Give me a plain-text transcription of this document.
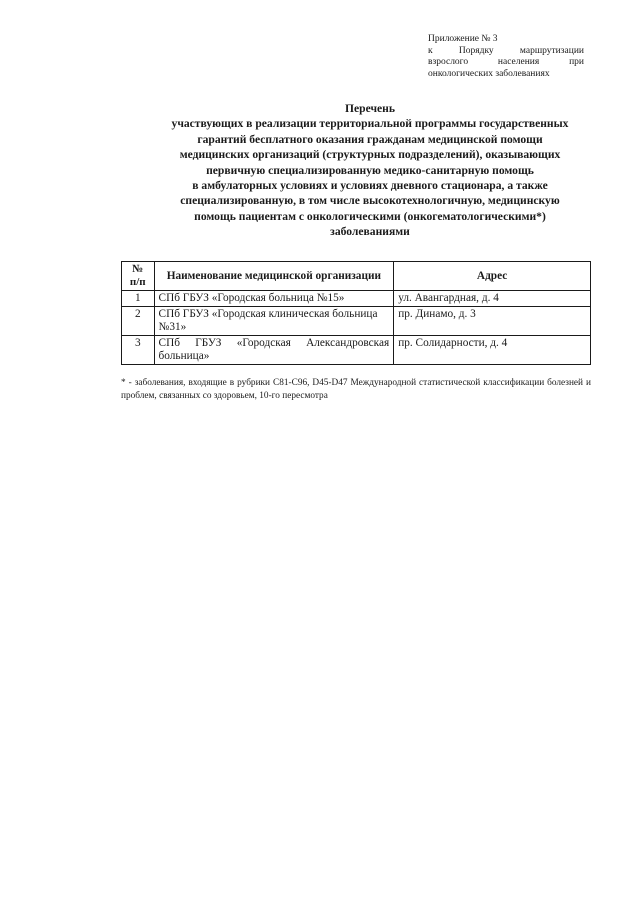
Приложение № 3
к	Порядку	маршрутизации
взрослого	населения	при
онкологических заболеваниях
Перечень
участвующих в реализации территориальной программы государственных
гарантий бесплатного оказания гражданам медицинской помощи
медицинских организаций (структурных подразделений), оказывающих
первичную специализированную медико-санитарную помощь
в амбулаторных условиях и условиях дневного стационара, а также
специализированную, в том числе высокотехнологичную, медицинскую
помощь пациентам с онкологическими (онкогематологическими*)
заболеваниями
№
п/п	Наименование медицинской организации	Адрес
1	СПб ГБУЗ «Городская больница №15»	ул. Авангардная, д. 4
2	СПб ГБУЗ «Городская клиническая больница №31»	пр. Динамо, д. 3
3	СПб ГБУЗ «Городская Александровская больница»	пр. Солидарности, д. 4
* - заболевания, входящие в рубрики С81-С96, D45-D47 Международной статистической классификации болезней и проблем, связанных со здоровьем, 10-го пересмотра
